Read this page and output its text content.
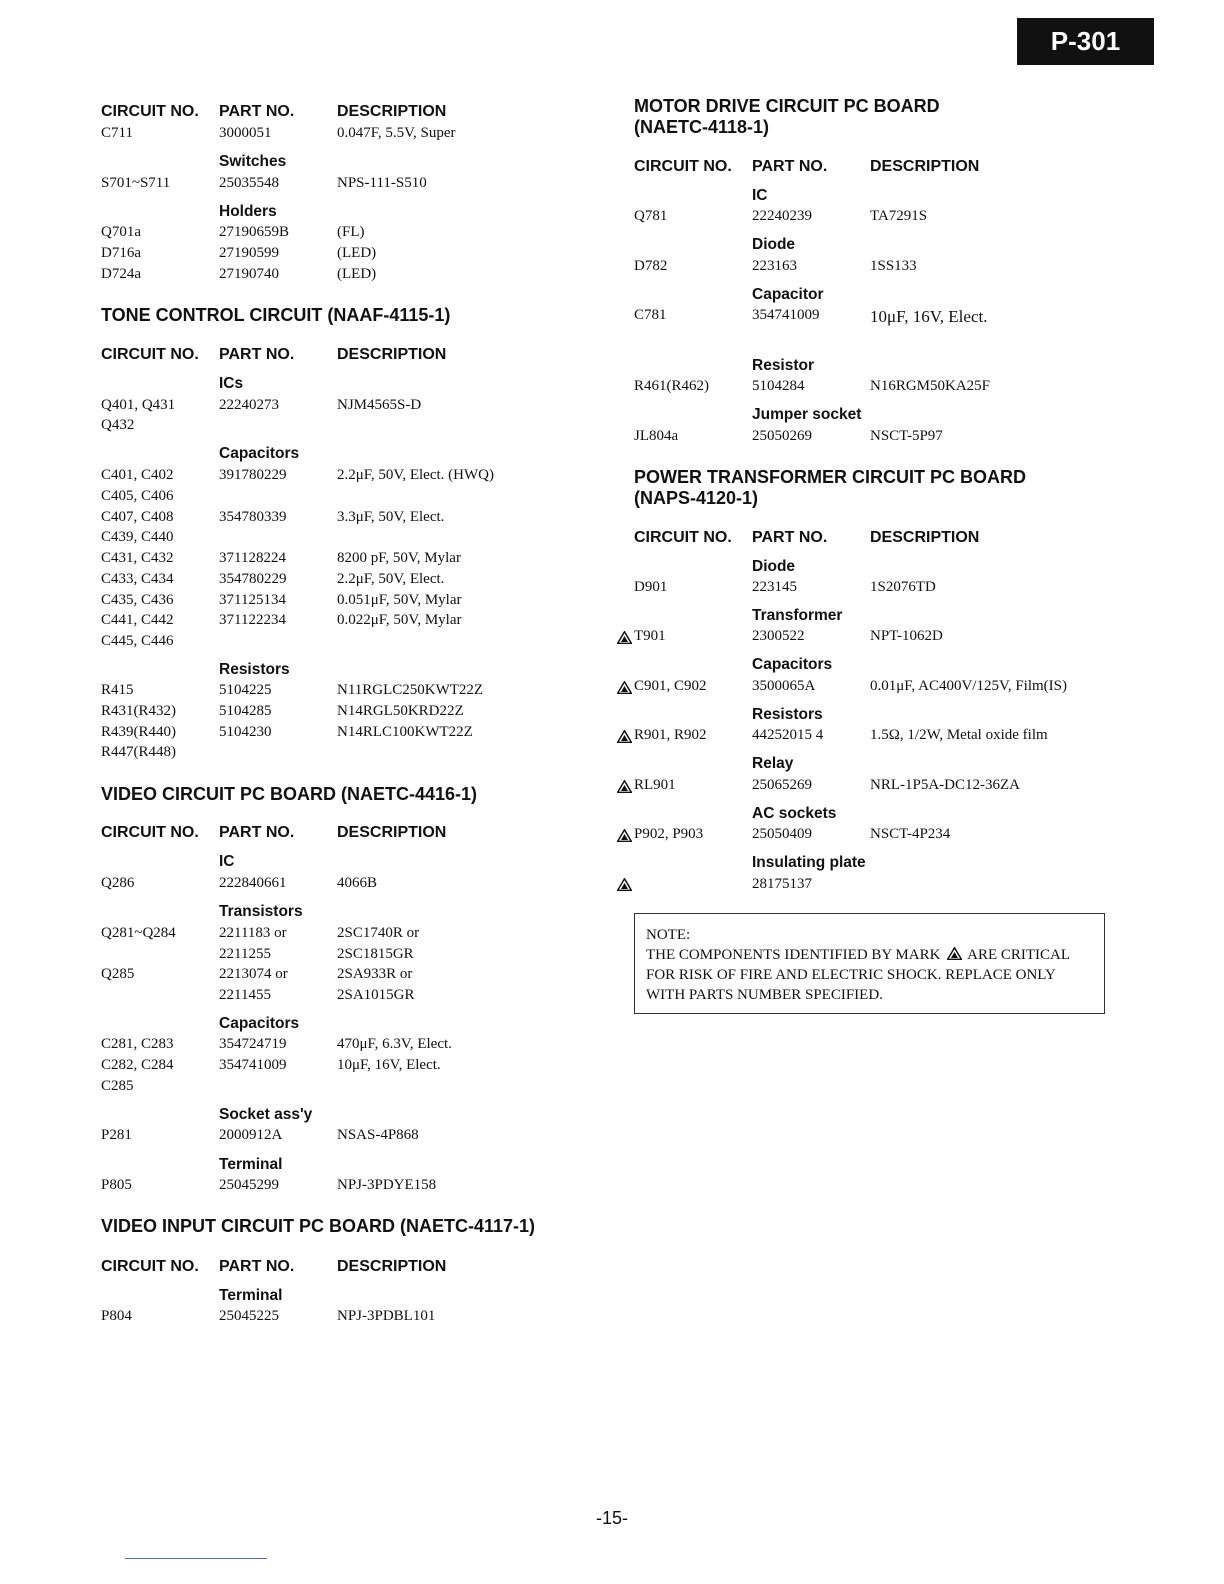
P-301
CIRCUIT NO. PART NO.	DESCRIPTION
C711	3000051	0.047F, 5.5V, Super
Switches
S701~S711	25035548	NPS-111-S510
Holders
Q701a	27190659B	(FL)
D716a	27190599	(LED)
D724a	27190740	(LED)
TONE CONTROL CIRCUIT (NAAF-4115-1)
CIRCUIT NO. PART NO.	DESCRIPTION
ICs
Q401, Q431	22240273	NJM4565S-D
Q432
Capacitors
C401, C402	391780229	2.2μF, 50V, Elect. (HWQ)
C405, C406
C407, C408	354780339	3.3μF, 50V, Elect.
C439, C440
C431, C432	371128224	8200 pF, 50V, Mylar
C433, C434	354780229	2.2μF, 50V, Elect.
C435, C436	371125134	0.051μF, 50V, Mylar
C441, C442	371122234	0.022μF, 50V, Mylar
C445, C446
Resistors
R415	5104225	N11RGLC250KWT22Z
R431(R432)	5104285	N14RGL50KRD22Z
R439(R440)	5104230	N14RLC100KWT22Z
R447(R448)
VIDEO CIRCUIT PC BOARD (NAETC-4416-1)
CIRCUIT NO. PART NO.	DESCRIPTION
IC
Q286	222840661	4066B
Transistors
Q281~Q284	2211183 or	2SC1740R or
2211255	2SC1815GR
Q285	2213074 or	2SA933R or
2211455	2SA1015GR
Capacitors
C281, C283	354724719	470μF, 6.3V, Elect.
C282, C284	354741009	10μF, 16V, Elect.
C285
Socket ass'y
P281	2000912A	NSAS-4P868
Terminal
P805	25045299	NPJ-3PDYE158
VIDEO INPUT CIRCUIT PC BOARD (NAETC-4117-1)
CIRCUIT NO. PART NO.	DESCRIPTION
Terminal
P804	25045225	NPJ-3PDBL101
MOTOR DRIVE CIRCUIT PC BOARD
(NAETC-4118-1)
CIRCUIT NO. PART NO.	DESCRIPTION
IC
Q781	22240239	TA7291S
Diode
D782	223163	1SS133
Capacitor
C781	354741009	10μF, 16V, Elect.
Resistor
R461(R462)	5104284	N16RGM50KA25F
Jumper socket
JL804a	25050269	NSCT-5P97
POWER TRANSFORMER CIRCUIT PC BOARD
(NAPS-4120-1)
CIRCUIT NO. PART NO.	DESCRIPTION
Diode
D901	223145	1S2076TD
Transformer
T901	2300522	NPT-1062D
Capacitors
C901, C902	3500065A	0.01μF, AC400V/125V, Film(IS)
Resistors
R901, R902	44252015 4	1.5Ω, 1/2W, Metal oxide film
Relay
RL901	25065269	NRL-1P5A-DC12-36ZA
AC sockets
P902, P903	25050409	NSCT-4P234
Insulating plate
28175137
NOTE:
THE COMPONENTS IDENTIFIED BY MARK ARE CRITICAL
FOR RISK OF FIRE AND ELECTRIC SHOCK. REPLACE ONLY
WITH PARTS NUMBER SPECIFIED.
-15-
